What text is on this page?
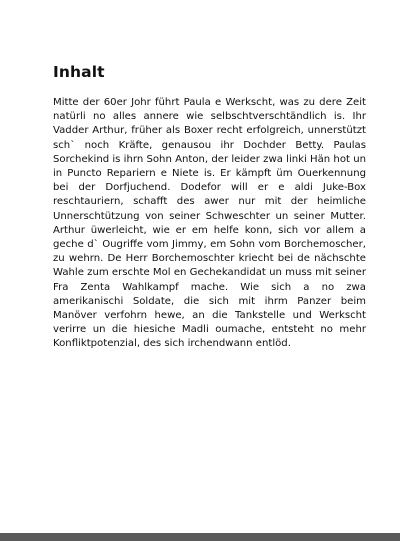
Inhalt

Mitte der 60er Johr führt Paula e Werkscht, was zu dere Zeit natürli no alles annere wie selbschtverschtändlich is. Ihr Vadder Arthur, früher als Boxer recht erfolgreich, unnerstützt sch` noch Kräfte, genausou ihr Dochder Betty. Paulas Sorchekind is ihrn Sohn Anton, der leider zwa linki Hän hot un in Puncto Repariern e Niete is. Er kämpft üm Ouerkennung bei der Dorfjuchend. Dodefor will er e aldi Juke-Box reschtauriern, schafft des awer nur mit der heimliche Unnerschtützung von seiner Schweschter un seiner Mutter. Arthur üwerleicht, wie er em helfe konn, sich vor allem a geche d` Ougriffe vom Jimmy, em Sohn vom Borchemoscher, zu wehrn. De Herr Borchemoschter kriecht bei de nächschte Wahle zum erschte Mol en Gechekandidat un muss mit seiner Fra Zenta Wahlkampf mache. Wie sich a no zwa amerikanischi Soldate, die sich mit ihrm Panzer beim Manöver verfohrn hewe, an die Tankstelle und Werkscht verirre un die hiesiche Madli oumache, entsteht no mehr Konfliktpotenzial, des sich irchendwann entlöd.
